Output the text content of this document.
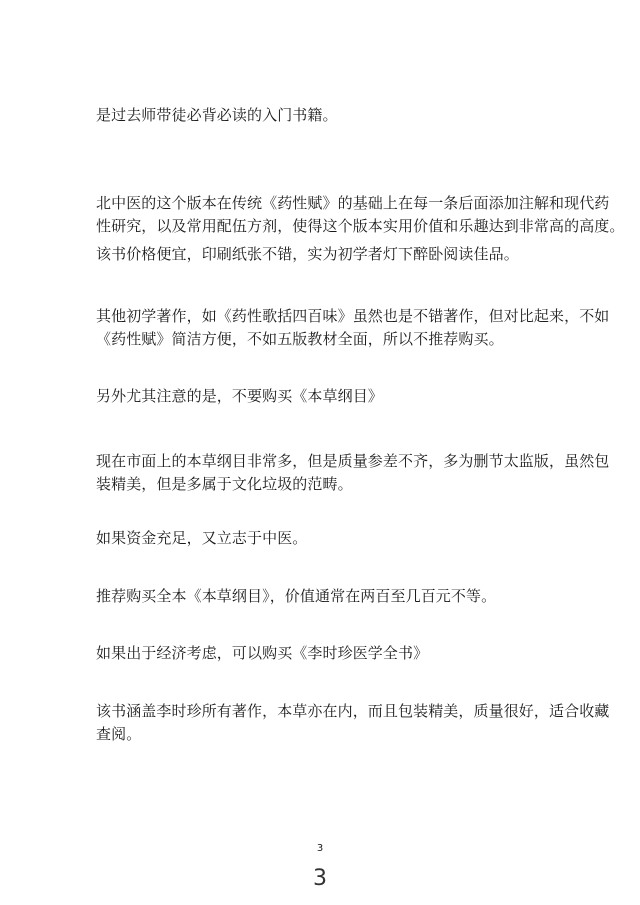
是过去师带徒必背必读的入门书籍。
北中医的这个版本在传统《药性赋》的基础上在每一条后面添加注解和现代药
性研究，以及常用配伍方剂，使得这个版本实用价值和乐趣达到非常高的高度。
该书价格便宜，印刷纸张不错，实为初学者灯下醉卧阅读佳品。
其他初学著作，如《药性歌括四百味》虽然也是不错著作，但对比起来，不如
《药性赋》简洁方便，不如五版教材全面，所以不推荐购买。
另外尤其注意的是，不要购买《本草纲目》
现在市面上的本草纲目非常多，但是质量参差不齐，多为删节太监版，虽然包
装精美，但是多属于文化垃圾的范畴。
如果资金充足，又立志于中医。
推荐购买全本《本草纲目》，价值通常在两百至几百元不等。
如果出于经济考虑，可以购买《李时珍医学全书》
该书涵盖李时珍所有著作，本草亦在内，而且包装精美，质量很好，适合收藏
查阅。
3
3
